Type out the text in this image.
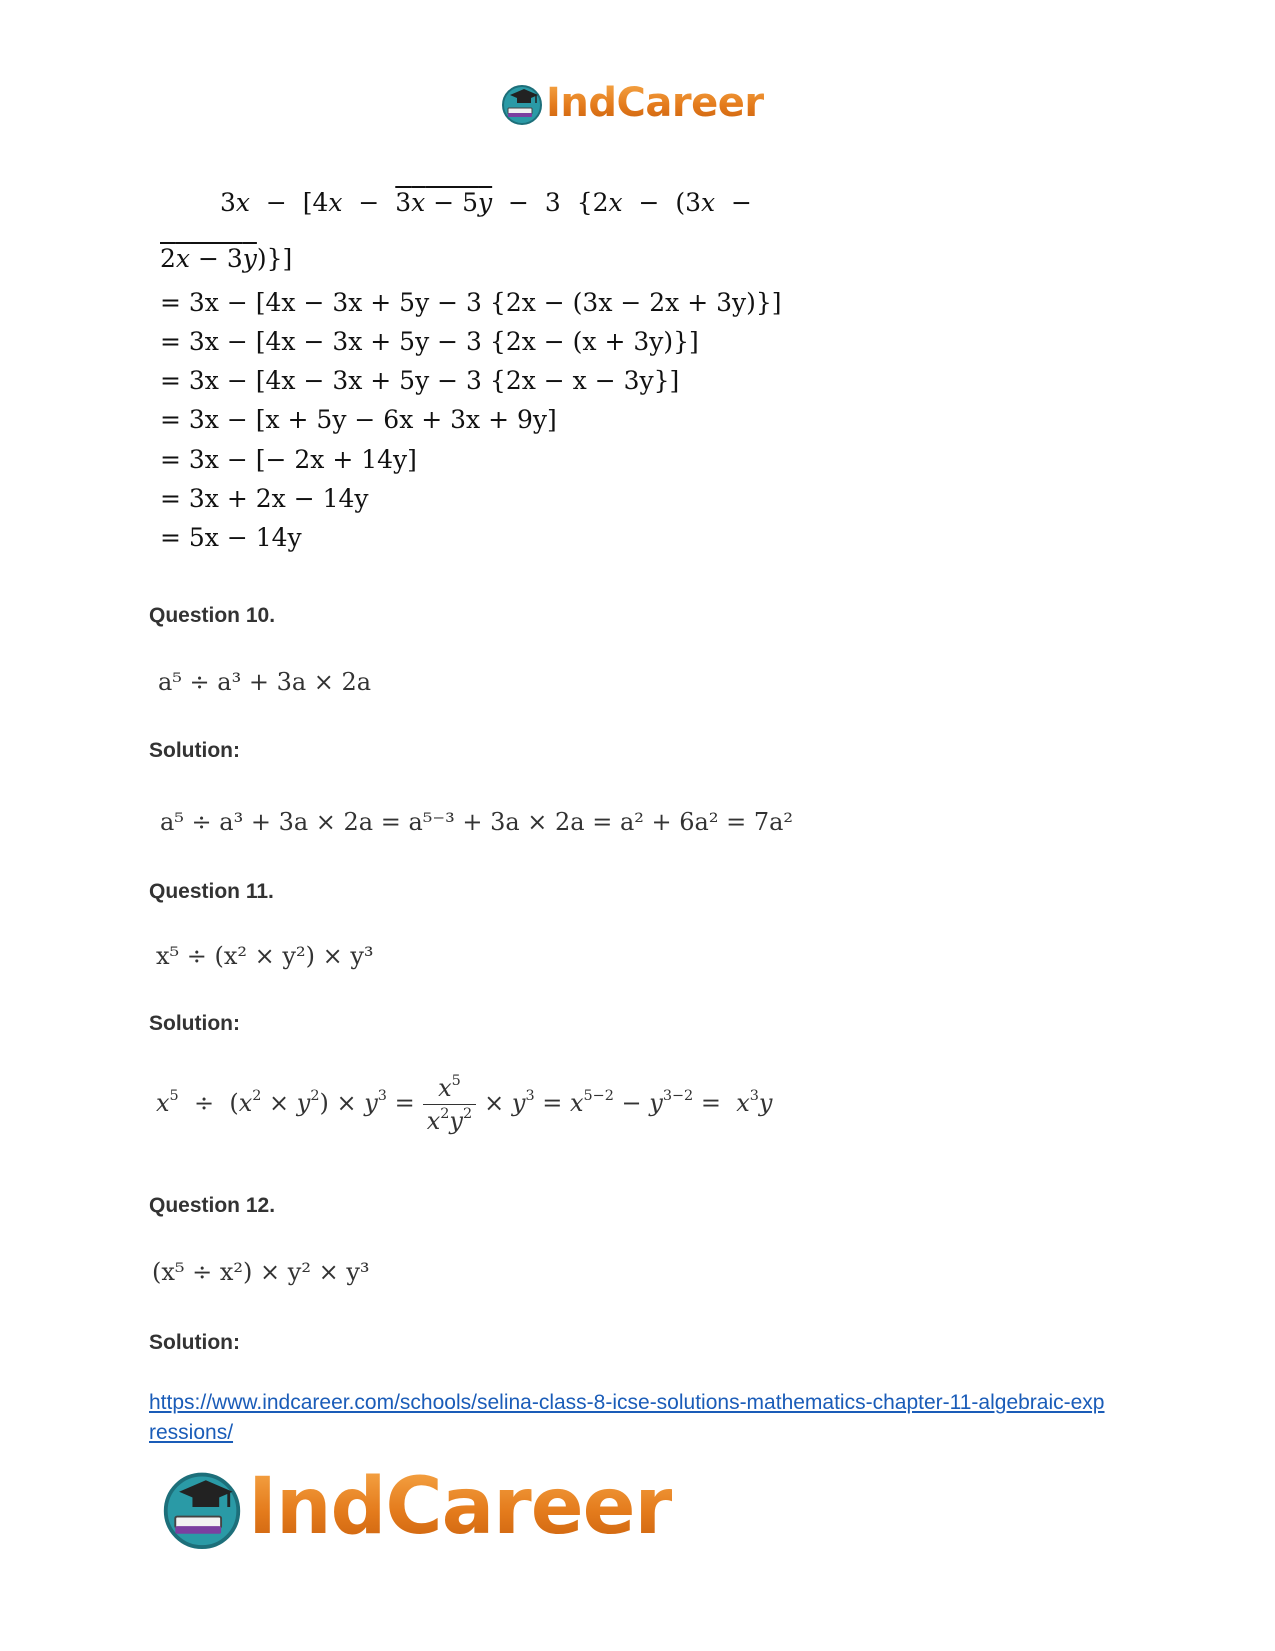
IndCareer
3x  −  [4x  −  3x − 5y  −  3  {2x  −  (3x  −
2x − 3y)}]
= 3x − [4x − 3x + 5y − 3 {2x − (3x − 2x + 3y)}]
= 3x − [4x − 3x + 5y − 3 {2x − (x + 3y)}]
= 3x − [4x − 3x + 5y − 3 {2x − x − 3y}]
= 3x − [x + 5y − 6x + 3x + 9y]
= 3x − [− 2x + 14y]
= 3x + 2x − 14y
= 5x − 14y
Question 10.
a⁵ ÷ a³ + 3a × 2a
Solution:
a⁵ ÷ a³ + 3a × 2a = a⁵⁻³ + 3a × 2a = a² + 6a² = 7a²
Question 11.
x⁵ ÷ (x² × y²) × y³
Solution:
$x^5 \div (x^2 \times y^2) \times y^3 = \frac{x^5}{x^2y^2} \times y^3 = x^{5-2} - y^{3-2} = x^3y$
Question 12.
(x⁵ ÷ x²) × y² × y³
Solution:
https://www.indcareer.com/schools/selina-class-8-icse-solutions-mathematics-chapter-11-algebraic-expressions/
IndCareer
